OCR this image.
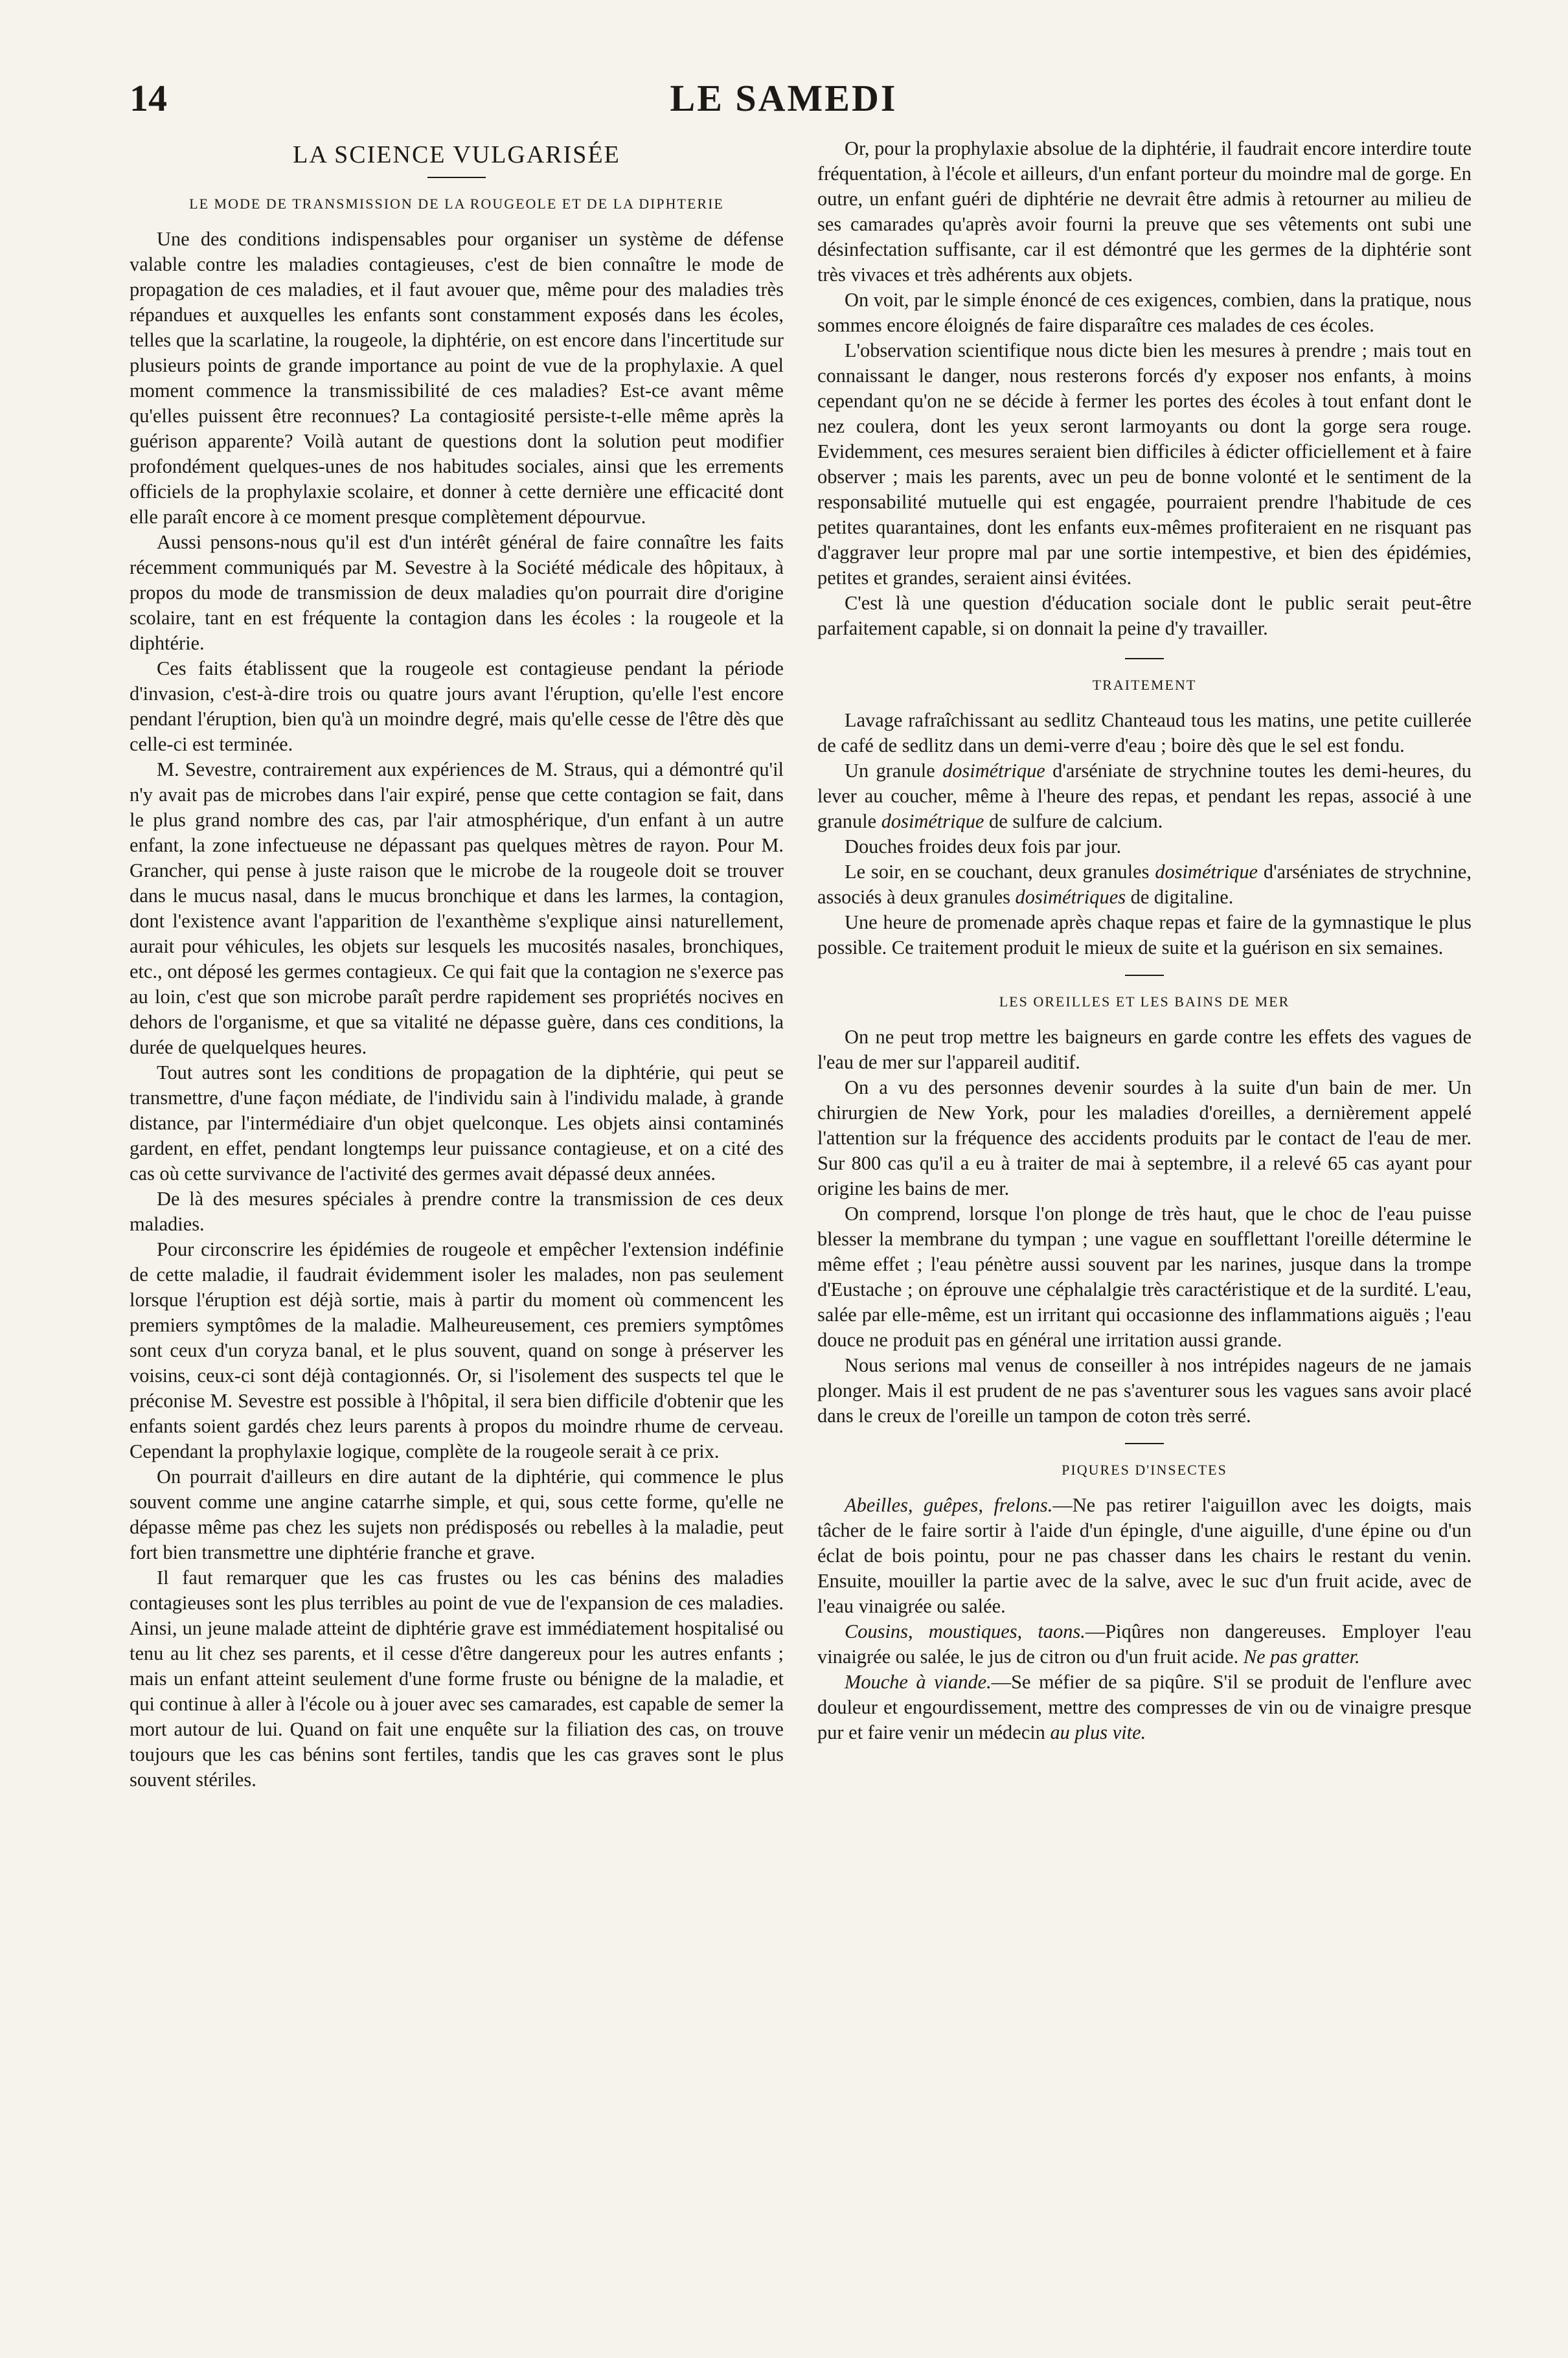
14	LE SAMEDI
LA SCIENCE VULGARISÉE
LE MODE DE TRANSMISSION DE LA ROUGEOLE ET DE LA DIPHTERIE

Une des conditions indispensables pour organiser un système de défense valable contre les maladies contagieuses, c'est de bien connaître le mode de propagation de ces maladies, et il faut avouer que, même pour des maladies très répandues et auxquelles les enfants sont constamment exposés dans les écoles, telles que la scarlatine, la rougeole, la diphtérie, on est encore dans l'incertitude sur plusieurs points de grande importance au point de vue de la prophylaxie. A quel moment commence la transmissibilité de ces maladies? Est-ce avant même qu'elles puissent être reconnues? La contagiosité persiste-t-elle même après la guérison apparente? Voilà autant de questions dont la solution peut modifier profondément quelques-unes de nos habitudes sociales, ainsi que les errements officiels de la prophylaxie scolaire, et donner à cette dernière une efficacité dont elle paraît encore à ce moment presque complètement dépourvue.

Aussi pensons-nous qu'il est d'un intérêt général de faire connaître les faits récemment communiqués par M. Sevestre à la Société médicale des hôpitaux, à propos du mode de transmission de deux maladies qu'on pourrait dire d'origine scolaire, tant en est fréquente la contagion dans les écoles : la rougeole et la diphtérie.

Ces faits établissent que la rougeole est contagieuse pendant la période d'invasion, c'est-à-dire trois ou quatre jours avant l'éruption, qu'elle l'est encore pendant l'éruption, bien qu'à un moindre degré, mais qu'elle cesse de l'être dès que celle-ci est terminée.

M. Sevestre, contrairement aux expériences de M. Straus, qui a démontré qu'il n'y avait pas de microbes dans l'air expiré, pense que cette contagion se fait, dans le plus grand nombre des cas, par l'air atmosphérique, d'un enfant à un autre enfant, la zone infectueuse ne dépassant pas quelques mètres de rayon. Pour M. Grancher, qui pense à juste raison que le microbe de la rougeole doit se trouver dans le mucus nasal, dans le mucus bronchique et dans les larmes, la contagion, dont l'existence avant l'apparition de l'exanthème s'explique ainsi naturellement, aurait pour véhicules, les objets sur lesquels les mucosités nasales, bronchiques, etc., ont déposé les germes contagieux. Ce qui fait que la contagion ne s'exerce pas au loin, c'est que son microbe paraît perdre rapidement ses propriétés nocives en dehors de l'organisme, et que sa vitalité ne dépasse guère, dans ces conditions, la durée de quelquelques heures.

Tout autres sont les conditions de propagation de la diphtérie, qui peut se transmettre, d'une façon médiate, de l'individu sain à l'individu malade, à grande distance, par l'intermédiaire d'un objet quelconque. Les objets ainsi contaminés gardent, en effet, pendant longtemps leur puissance contagieuse, et on a cité des cas où cette survivance de l'activité des germes avait dépassé deux années.

De là des mesures spéciales à prendre contre la transmission de ces deux maladies.

Pour circonscrire les épidémies de rougeole et empêcher l'extension indéfinie de cette maladie, il faudrait évidemment isoler les malades, non pas seulement lorsque l'éruption est déjà sortie, mais à partir du moment où commencent les premiers symptômes de la maladie. Malheureusement, ces premiers symptômes sont ceux d'un coryza banal, et le plus souvent, quand on songe à préserver les voisins, ceux-ci sont déjà contagionnés. Or, si l'isolement des suspects tel que le préconise M. Sevestre est possible à l'hôpital, il sera bien difficile d'obtenir que les enfants soient gardés chez leurs parents à propos du moindre rhume de cerveau. Cependant la prophylaxie logique, complète de la rougeole serait à ce prix.

On pourrait d'ailleurs en dire autant de la diphtérie, qui commence le plus souvent comme une angine catarrhe simple, et qui, sous cette forme, qu'elle ne dépasse même pas chez les sujets non prédisposés ou rebelles à la maladie, peut fort bien transmettre une diphtérie franche et grave.

Il faut remarquer que les cas frustes ou les cas bénins des maladies contagieuses sont les plus terribles au point de vue de l'expansion de ces maladies. Ainsi, un jeune malade atteint de diphtérie grave est immédiatement hospitalisé ou tenu au lit chez ses parents, et il cesse d'être dangereux pour les autres enfants ; mais un enfant atteint seulement d'une forme fruste ou bénigne de la maladie, et qui continue à aller à l'école ou à jouer avec ses camarades, est capable de semer la mort autour de lui. Quand on fait une enquête sur la filiation des cas, on trouve toujours que les cas bénins sont fertiles, tandis que les cas graves sont le plus souvent stériles.

Or, pour la prophylaxie absolue de la diphtérie, il faudrait encore interdire toute fréquentation, à l'école et ailleurs, d'un enfant porteur du moindre mal de gorge. En outre, un enfant guéri de diphtérie ne devrait être admis à retourner au milieu de ses camarades qu'après avoir fourni la preuve que ses vêtements ont subi une désinfectation suffisante, car il est démontré que les germes de la diphtérie sont très vivaces et très adhérents aux objets.

On voit, par le simple énoncé de ces exigences, combien, dans la pratique, nous sommes encore éloignés de faire disparaître ces malades de ces écoles.

L'observation scientifique nous dicte bien les mesures à prendre ; mais tout en connaissant le danger, nous resterons forcés d'y exposer nos enfants, à moins cependant qu'on ne se décide à fermer les portes des écoles à tout enfant dont le nez coulera, dont les yeux seront larmoyants ou dont la gorge sera rouge. Evidemment, ces mesures seraient bien difficiles à édicter officiellement et à faire observer ; mais les parents, avec un peu de bonne volonté et le sentiment de la responsabilité mutuelle qui est engagée, pourraient prendre l'habitude de ces petites quarantaines, dont les enfants eux-mêmes profiteraient en ne risquant pas d'aggraver leur propre mal par une sortie intempestive, et bien des épidémies, petites et grandes, seraient ainsi évitées.

C'est là une question d'éducation sociale dont le public serait peut-être parfaitement capable, si on donnait la peine d'y travailler.

TRAITEMENT

Lavage rafraîchissant au sedlitz Chanteaud tous les matins, une petite cuillerée de café de sedlitz dans un demi-verre d'eau ; boire dès que le sel est fondu.

Un granule dosimétrique d'arséniate de strychnine toutes les demi-heures, du lever au coucher, même à l'heure des repas, et pendant les repas, associé à une granule dosimétrique de sulfure de calcium.

Douches froides deux fois par jour.

Le soir, en se couchant, deux granules dosimétrique d'arséniates de strychnine, associés à deux granules dosimétriques de digitaline.

Une heure de promenade après chaque repas et faire de la gymnastique le plus possible. Ce traitement produit le mieux de suite et la guérison en six semaines.

LES OREILLES ET LES BAINS DE MER

On ne peut trop mettre les baigneurs en garde contre les effets des vagues de l'eau de mer sur l'appareil auditif.

On a vu des personnes devenir sourdes à la suite d'un bain de mer. Un chirurgien de New York, pour les maladies d'oreilles, a dernièrement appelé l'attention sur la fréquence des accidents produits par le contact de l'eau de mer. Sur 800 cas qu'il a eu à traiter de mai à septembre, il a relevé 65 cas ayant pour origine les bains de mer.

On comprend, lorsque l'on plonge de très haut, que le choc de l'eau puisse blesser la membrane du tympan ; une vague en soufflettant l'oreille détermine le même effet ; l'eau pénètre aussi souvent par les narines, jusque dans la trompe d'Eustache ; on éprouve une céphalalgie très caractéristique et de la surdité. L'eau, salée par elle-même, est un irritant qui occasionne des inflammations aiguës ; l'eau douce ne produit pas en général une irritation aussi grande.

Nous serions mal venus de conseiller à nos intrépides nageurs de ne jamais plonger. Mais il est prudent de ne pas s'aventurer sous les vagues sans avoir placé dans le creux de l'oreille un tampon de coton très serré.

PIQURES D'INSECTES

Abeilles, guêpes, frelons.—Ne pas retirer l'aiguillon avec les doigts, mais tâcher de le faire sortir à l'aide d'un épingle, d'une aiguille, d'une épine ou d'un éclat de bois pointu, pour ne pas chasser dans les chairs le restant du venin. Ensuite, mouiller la partie avec de la salve, avec le suc d'un fruit acide, avec de l'eau vinaigrée ou salée.

Cousins, moustiques, taons.—Piqûres non dangereuses. Employer l'eau vinaigrée ou salée, le jus de citron ou d'un fruit acide. Ne pas gratter.

Mouche à viande.—Se méfier de sa piqûre. S'il se produit de l'enflure avec douleur et engourdissement, mettre des compresses de vin ou de vinaigre presque pur et faire venir un médecin au plus vite.
